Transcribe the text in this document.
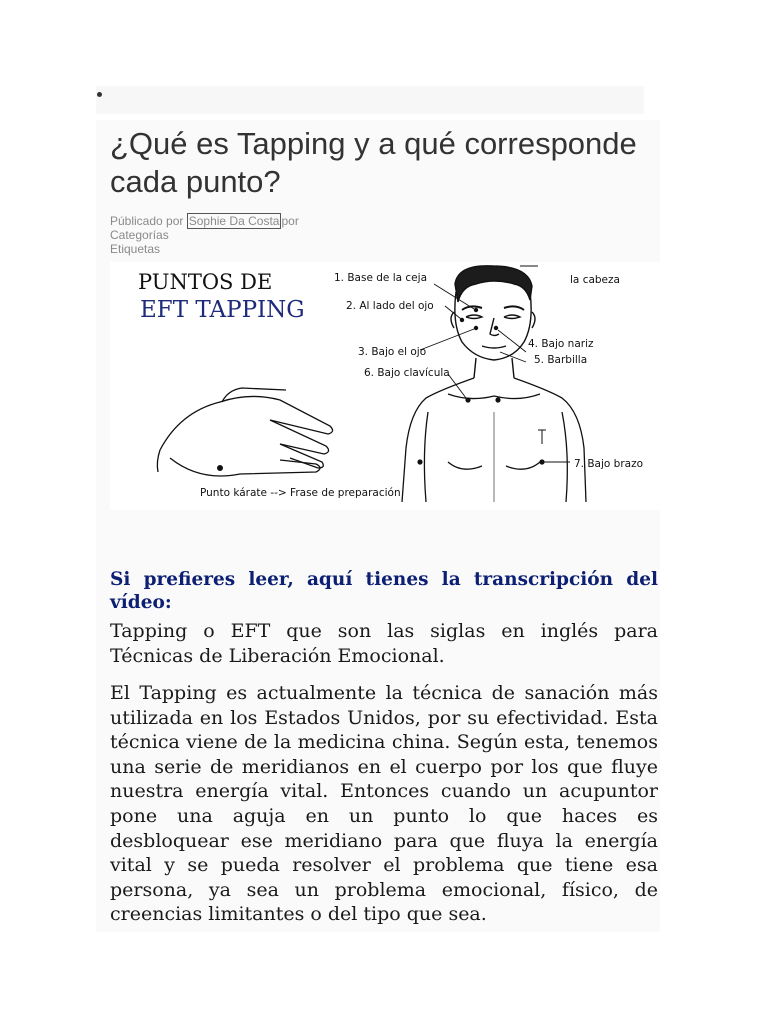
¿Qué es Tapping y a qué corresponde cada punto?
Públicado por Sophie Da Costa por
Categorías
Etiquetas
PUNTOS DE
EFT TAPPING
1. Base de la ceja	la cabeza
2. Al lado del ojo
3. Bajo el ojo
4. Bajo nariz
5. Barbilla
6. Bajo clavícula
7. Bajo brazo
Punto kárate --> Frase de preparación

Si prefieres leer, aquí tienes la transcripción del vídeo:

Tapping o EFT que son las siglas en inglés para Técnicas de Liberación Emocional.

El Tapping es actualmente la técnica de sanación más utilizada en los Estados Unidos, por su efectividad. Esta técnica viene de la medicina china. Según esta, tenemos una serie de meridianos en el cuerpo por los que fluye nuestra energía vital. Entonces cuando un acupuntor pone una aguja en un punto lo que haces es desbloquear ese meridiano para que fluya la energía vital y se pueda resolver el problema que tiene esa persona, ya sea un problema emocional, físico, de creencias limitantes o del tipo que sea.
